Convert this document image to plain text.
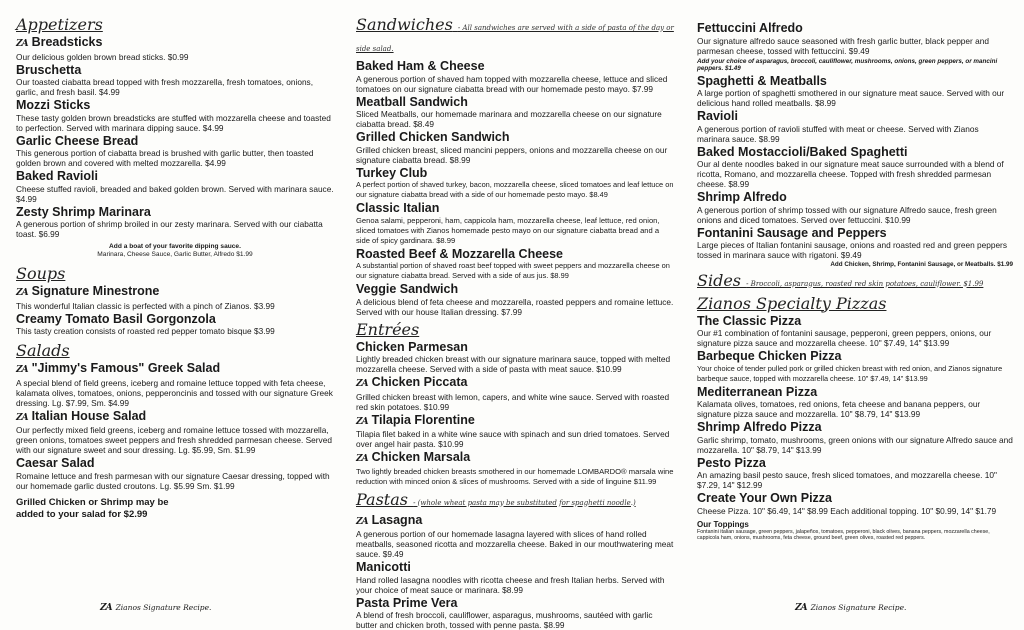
Appetizers
ZA Breadsticks
Our delicious golden brown bread sticks. $0.99
Bruschetta
Our toasted ciabatta bread topped with fresh mozzarella, fresh tomatoes, onions, garlic, and fresh basil. $4.99
Mozzi Sticks
These tasty golden brown breadsticks are stuffed with mozzarella cheese and toasted to perfection. Served with marinara dipping sauce. $4.99
Garlic Cheese Bread
This generous portion of ciabatta bread is brushed with garlic butter, then toasted golden brown and covered with melted mozzarella. $4.99
Baked Ravioli
Cheese stuffed ravioli, breaded and baked golden brown. Served with marinara sauce. $4.99
Zesty Shrimp Marinara
A generous portion of shrimp broiled in our zesty marinara. Served with our ciabatta toast. $6.99
Add a boat of your favorite dipping sauce.
Marinara, Cheese Sauce, Garlic Butter, Alfredo $1.99
Soups
ZA Signature Minestrone
This wonderful Italian classic is perfected with a pinch of Zianos. $3.99
Creamy Tomato Basil Gorgonzola
This tasty creation consists of roasted red pepper tomato bisque $3.99
Salads
ZA "Jimmy's Famous" Greek Salad
A special blend of field greens, iceberg and romaine lettuce topped with feta cheese, kalamata olives, tomatoes, onions, pepperoncinis and tossed with our signature Greek dressing. Lg. $7.99, Sm. $4.99
ZA Italian House Salad
Our perfectly mixed field greens, iceberg and romaine lettuce tossed with mozzarella, green onions, tomatoes sweet peppers and fresh shredded parmesan cheese. Served with our signature sweet and sour dressing. Lg. $5.99, Sm. $1.99
Caesar Salad
Romaine lettuce and fresh parmesan with our signature Caesar dressing, topped with our homemade garlic dusted croutons. Lg. $5.99 Sm. $1.99
Grilled Chicken or Shrimp may be
added to your salad for $2.99
ZA Zianos Signature Recipe.
Sandwiches - All sandwiches are served with a side of pasta of the day or side salad.
Baked Ham & Cheese
A generous portion of shaved ham topped with mozzarella cheese, lettuce and sliced tomatoes on our signature ciabatta bread with our homemade pesto mayo. $7.99
Meatball Sandwich
Sliced Meatballs, our homemade marinara and mozzarella cheese on our signature ciabatta bread. $8.49
Grilled Chicken Sandwich
Grilled chicken breast, sliced mancini peppers, onions and mozzarella cheese on our signature ciabatta bread. $8.99
Turkey Club
A perfect portion of shaved turkey, bacon, mozzarella cheese, sliced tomatoes and leaf lettuce on our signature ciabatta bread with a side of our homemade pesto mayo. $8.49
Classic Italian
Genoa salami, pepperoni, ham, cappicola ham, mozzarella cheese, leaf lettuce, red onion, sliced tomatoes with Zianos homemade pesto mayo on our signature ciabatta bread and a side of spicy gardinara. $8.99
Roasted Beef & Mozzarella Cheese
A substantial portion of shaved roast beef topped with sweet peppers and mozzarella cheese on our signature ciabatta bread. Served with a side of aus jus. $8.99
Veggie Sandwich
A delicious blend of feta cheese and mozzarella, roasted peppers and romaine lettuce. Served with our house Italian dressing. $7.99
Entrées
Chicken Parmesan
Lightly breaded chicken breast with our signature marinara sauce, topped with melted mozzarella cheese. Served with a side of pasta with meat sauce. $10.99
ZA Chicken Piccata
Grilled chicken breast with lemon, capers, and white wine sauce. Served with roasted red skin potatoes. $10.99
ZA Tilapia Florentine
Tilapia filet baked in a white wine sauce with spinach and sun dried tomatoes. Served over angel hair pasta. $10.99
ZA Chicken Marsala
Two lightly breaded chicken breasts smothered in our homemade LOMBARDO® marsala wine reduction with minced onion & slices of mushrooms. Served with a side of linguine $11.99
Pastas - (whole wheat pasta may be substituted for spaghetti noodle.)
ZA Lasagna
A generous portion of our homemade lasagna layered with slices of hand rolled meatballs, seasoned ricotta and mozzarella cheese. Baked in our mouthwatering meat sauce. $9.49
Manicotti
Hand rolled lasagna noodles with ricotta cheese and fresh Italian herbs. Served with your choice of meat sauce or marinara. $8.99
Pasta Prime Vera
A blend of fresh broccoli, cauliflower, asparagus, mushrooms, sautéed with garlic butter and chicken broth, tossed with penne pasta. $8.99
Fettuccini Alfredo
Our signature alfredo sauce seasoned with fresh garlic butter, black pepper and parmesan cheese, tossed with fettuccini. $9.49
Add your choice of asparagus, broccoli, cauliflower, mushrooms, onions, green peppers, or mancini peppers. $1.49
Spaghetti & Meatballs
A large portion of spaghetti smothered in our signature meat sauce. Served with our delicious hand rolled meatballs. $8.99
Ravioli
A generous portion of ravioli stuffed with meat or cheese. Served with Zianos marinara sauce. $8.99
Baked Mostaccioli/Baked Spaghetti
Our al dente noodles baked in our signature meat sauce surrounded with a blend of ricotta, Romano, and mozzarella cheese. Topped with fresh shredded parmesan cheese. $8.99
Shrimp Alfredo
A generous portion of shrimp tossed with our signature Alfredo sauce, fresh green onions and diced tomatoes. Served over fettuccini. $10.99
Fontanini Sausage and Peppers
Large pieces of Italian fontanini sausage, onions and roasted red and green peppers tossed in marinara sauce with rigatoni. $9.49
Add Chicken, Shrimp, Fontanini Sausage, or Meatballs. $1.99
Sides - Broccoli, asparagus, roasted red skin potatoes, cauliflower. $1.99
Zianos Specialty Pizzas
The Classic Pizza
Our #1 combination of fontanini sausage, pepperoni, green peppers, onions, our signature pizza sauce and mozzarella cheese. 10" $7.49, 14" $13.99
Barbeque Chicken Pizza
Your choice of tender pulled pork or grilled chicken breast with red onion, and Zianos signature barbeque sauce, topped with mozzarella cheese. 10" $7.49, 14" $13.99
Mediterranean Pizza
Kalamata olives, tomatoes, red onions, feta cheese and banana peppers, our signature pizza sauce and mozzarella. 10" $8.79, 14" $13.99
Shrimp Alfredo Pizza
Garlic shrimp, tomato, mushrooms, green onions with our signature Alfredo sauce and mozzarella. 10" $8.79, 14" $13.99
Pesto Pizza
An amazing basil pesto sauce, fresh sliced tomatoes, and mozzarella cheese. 10" $7.29, 14" $12.99
Create Your Own Pizza
Cheese Pizza. 10" $6.49, 14" $8.99 Each additional topping. 10" $0.99, 14" $1.79
Our Toppings
Fontanini italian sausage, green peppers, jalapeños, tomatoes, pepperoni, black olives, banana peppers, mozzarella cheese, cappicola ham, onions, mushrooms, feta cheese, ground beef, green olives, roasted red peppers.
ZA Zianos Signature Recipe.
